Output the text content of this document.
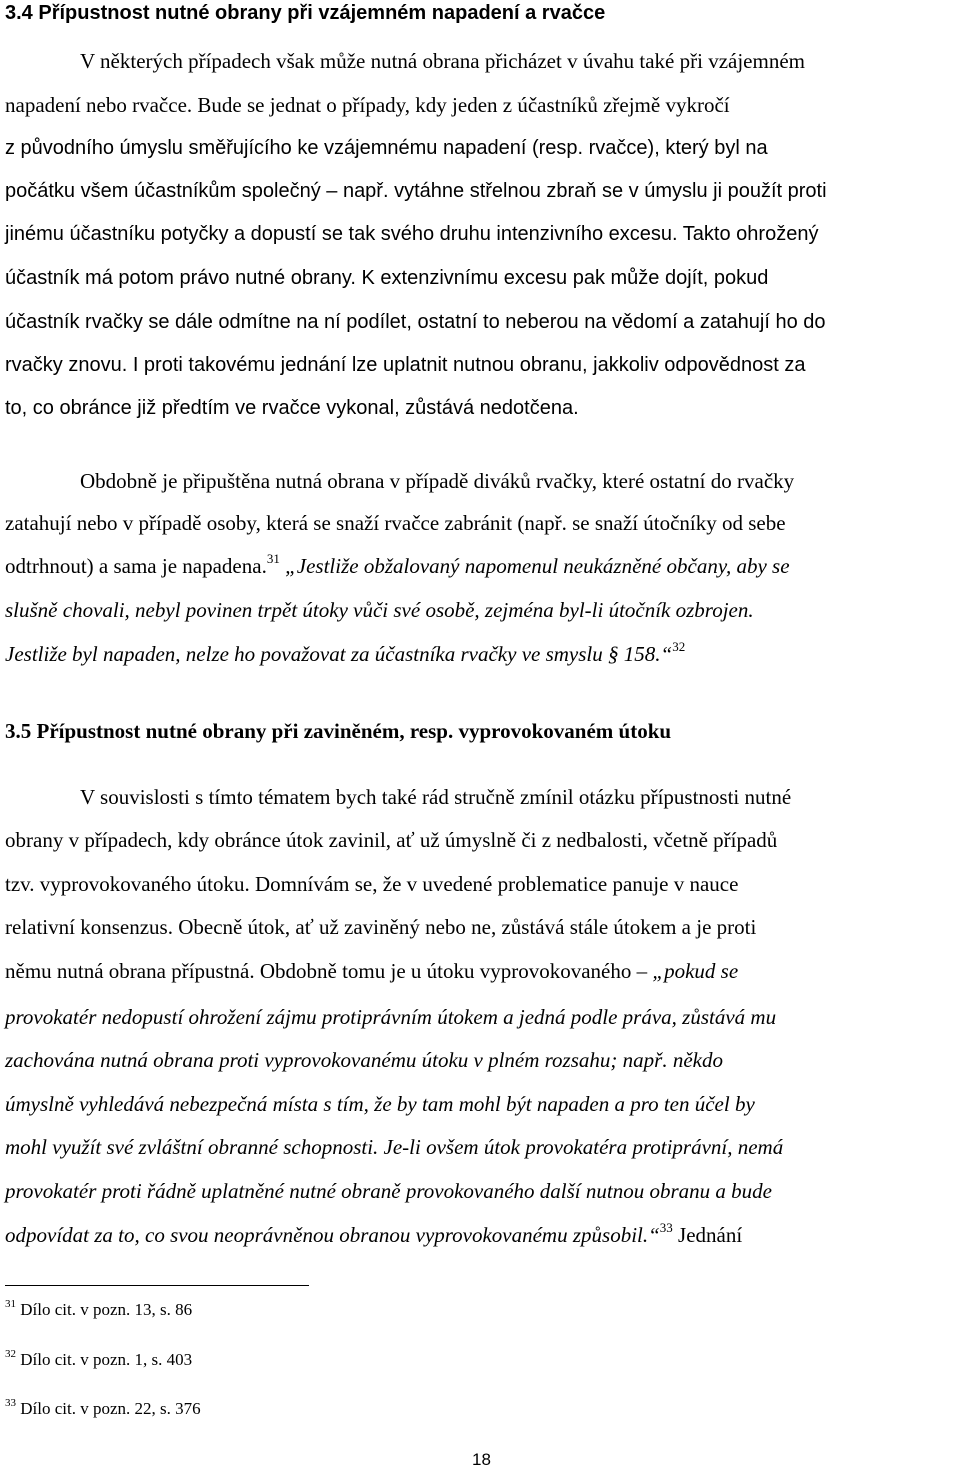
3.4 Přípustnost nutné obrany při vzájemném napadení a rvačce
V některých případech však může nutná obrana přicházet v úvahu také při vzájemném
napadení nebo rvačce. Bude se jednat o případy, kdy jeden z účastníků zřejmě vykročí
z původního úmyslu směřujícího ke vzájemnému napadení (resp. rvačce), který byl na
počátku všem účastníkům společný – např. vytáhne střelnou zbraň se v úmyslu ji použít proti
jinému účastníku potyčky a dopustí se tak svého druhu intenzivního excesu. Takto ohrožený
účastník má potom právo nutné obrany. K extenzivnímu excesu pak může dojít, pokud
účastník rvačky se dále odmítne na ní podílet, ostatní to neberou na vědomí a zatahují ho do
rvačky znovu. I proti takovému jednání lze uplatnit nutnou obranu, jakkoliv odpovědnost za
to, co obránce již předtím ve rvačce vykonal, zůstává nedotčena.
Obdobně je připuštěna nutná obrana v případě diváků rvačky, které ostatní do rvačky
zatahují nebo v případě osoby, která se snaží rvačce zabránit (např. se snaží útočníky od sebe
odtrhnout) a sama je napadena.$^{31}$ „Jestliže obžalovaný napomenul neukázněné občany, aby se
slušně chovali, nebyl povinen trpět útoky vůči své osobě, zejména byl-li útočník ozbrojen.
Jestliže byl napaden, nelze ho považovat za účastníka rvačky ve smyslu § 158.“$^{32}$
3.5 Přípustnost nutné obrany při zaviněném, resp. vyprovokovaném útoku
V souvislosti s tímto tématem bych také rád stručně zmínil otázku přípustnosti nutné
obrany v případech, kdy obránce útok zavinil, ať už úmyslně či z nedbalosti, včetně případů
tzv. vyprovokovaného útoku. Domnívám se, že v uvedené problematice panuje v nauce
relativní konsenzus. Obecně útok, ať už zaviněný nebo ne, zůstává stále útokem a je proti
němu nutná obrana přípustná. Obdobně tomu je u útoku vyprovokovaného – „pokud se
provokatér nedopustí ohrožení zájmu protiprávním útokem a jedná podle práva, zůstává mu
zachována nutná obrana proti vyprovokovanému útoku v plném rozsahu; např. někdo
úmyslně vyhledává nebezpečná místa s tím, že by tam mohl být napaden a pro ten účel by
mohl využít své zvláštní obranné schopnosti. Je-li ovšem útok provokatéra protiprávní, nemá
provokatér proti řádně uplatněné nutné obraně provokovaného další nutnou obranu a bude
odpovídat za to, co svou neoprávněnou obranou vyprovokovanému způsobil.“$^{33}$ Jednání
$^{31}$ Dílo cit. v pozn. 13, s. 86
$^{32}$ Dílo cit. v pozn. 1, s. 403
$^{33}$ Dílo cit. v pozn. 22, s. 376
18
